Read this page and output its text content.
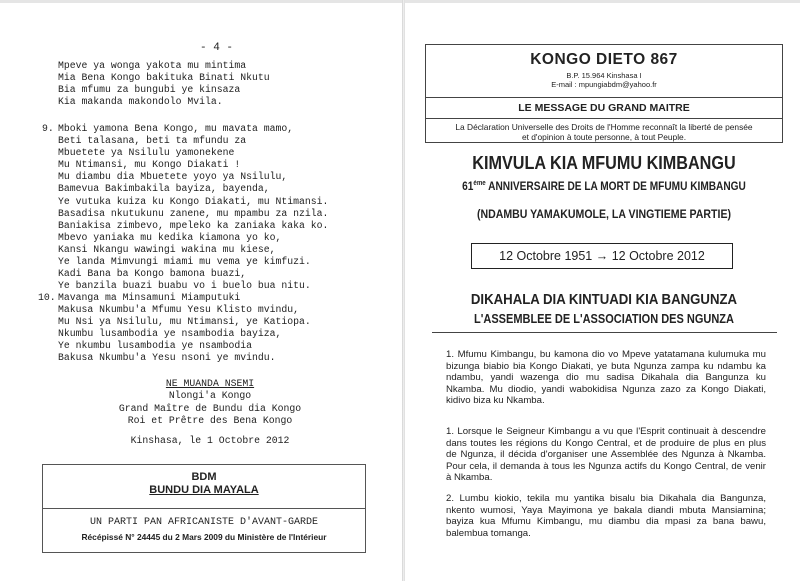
- 4 -
Mpeve ya wonga yakota mu mintima
Mia Bena Kongo bakituka Binati Nkutu
Bia mfumu za bungubi ye kinsaza
Kia makanda makondolo Mvila.
9. Mboki yamona Bena Kongo, mu mavata mamo,
Beti talasana, beti ta mfundu za
Mbuetete ya Nsilulu yamonekene
Mu Ntimansi, mu Kongo Diakati !
Mu diambu dia Mbuetete yoyo ya Nsilulu,
Bamevua Bakimbakila bayiza, bayenda,
Ye vutuka kuiza ku Kongo Diakati, mu Ntimansi.
Basadisa nkutukunu zanene, mu mpambu za nzila.
Baniakisa zimbevo, mpeleko ka zaniaka kaka ko.
Mbevo yaniaka mu kedika kiamona yo ko,
Kansi Nkangu wawingi wakina mu kiese,
Ye landa Mimvungi miami mu vema ye kimfuzi.
Kadi Bana ba Kongo bamona buazi,
Ye banzila buazi buabu vo i buelo bua nitu.
10. Mavanga ma Minsamuni Miamputuki
Makusa Nkumbu'a Mfumu Yesu Klisto mvindu,
Mu Nsi ya Nsilulu, mu Ntimansi, ye Katiopa.
Nkumbu lusambodia ye nsambodia bayiza,
Ye nkumbu lusambodia ye nsambodia
Bakusa Nkumbu'a Yesu nsoni ye mvindu.
NE MUANDA NSEMI
Nlongi'a Kongo
Grand Maître de Bundu dia Kongo
Roi et Prêtre des Bena Kongo
Kinshasa, le 1 Octobre 2012
BDM
BUNDU DIA MAYALA
UN PARTI PAN AFRICANISTE D'AVANT-GARDE
Récépissé N° 24445 du 2 Mars 2009 du Ministère de l'Intérieur
KONGO DIETO 867
B.P. 15.964 Kinshasa I
E-mail : mpungiabdm@yahoo.fr
LE MESSAGE DU GRAND MAITRE
La Déclaration Universelle des Droits de l'Homme reconnaît la liberté de pensée et d'opinion à toute personne, à tout Peuple.
KIMVULA KIA MFUMU KIMBANGU
61ème ANNIVERSAIRE DE LA MORT DE MFUMU KIMBANGU
(NDAMBU YAMAKUMOLE, LA VINGTIEME PARTIE)
12 Octobre 1951 → 12 Octobre 2012
DIKAHALA DIA KINTUADI KIA BANGUNZA
L'ASSEMBLEE DE L'ASSOCIATION DES NGUNZA
1. Mfumu Kimbangu, bu kamona dio vo Mpeve yatatamana kulumuka mu bizunga biabio bia Kongo Diakati, ye buta Ngunza zampa ku ndambu ka ndambu, yandi wazenga dio mu sadisa Dikahala dia Bangunza ku Nkamba. Mu diodio, yandi wabokidisa Ngunza zazo za Kongo Diakati, kidivo biza ku Nkamba.
1. Lorsque le Seigneur Kimbangu a vu que l'Esprit continuait à descendre dans toutes les régions du Kongo Central, et de produire de plus en plus de Ngunza, il décida d'organiser une Assemblée des Ngunza à Nkamba. Pour cela, il demanda à tous les Ngunza actifs du Kongo Central, de venir à Nkamba.
2. Lumbu kiokio, tekila mu yantika bisalu bia Dikahala dia Bangunza, nkento wumosi, Yaya Mayimona ye bakala diandi mbuta Mansiamina; bayiza kua Mfumu Kimbangu, mu diambu dia mpasi za bana bawu, balembua tomanga.
